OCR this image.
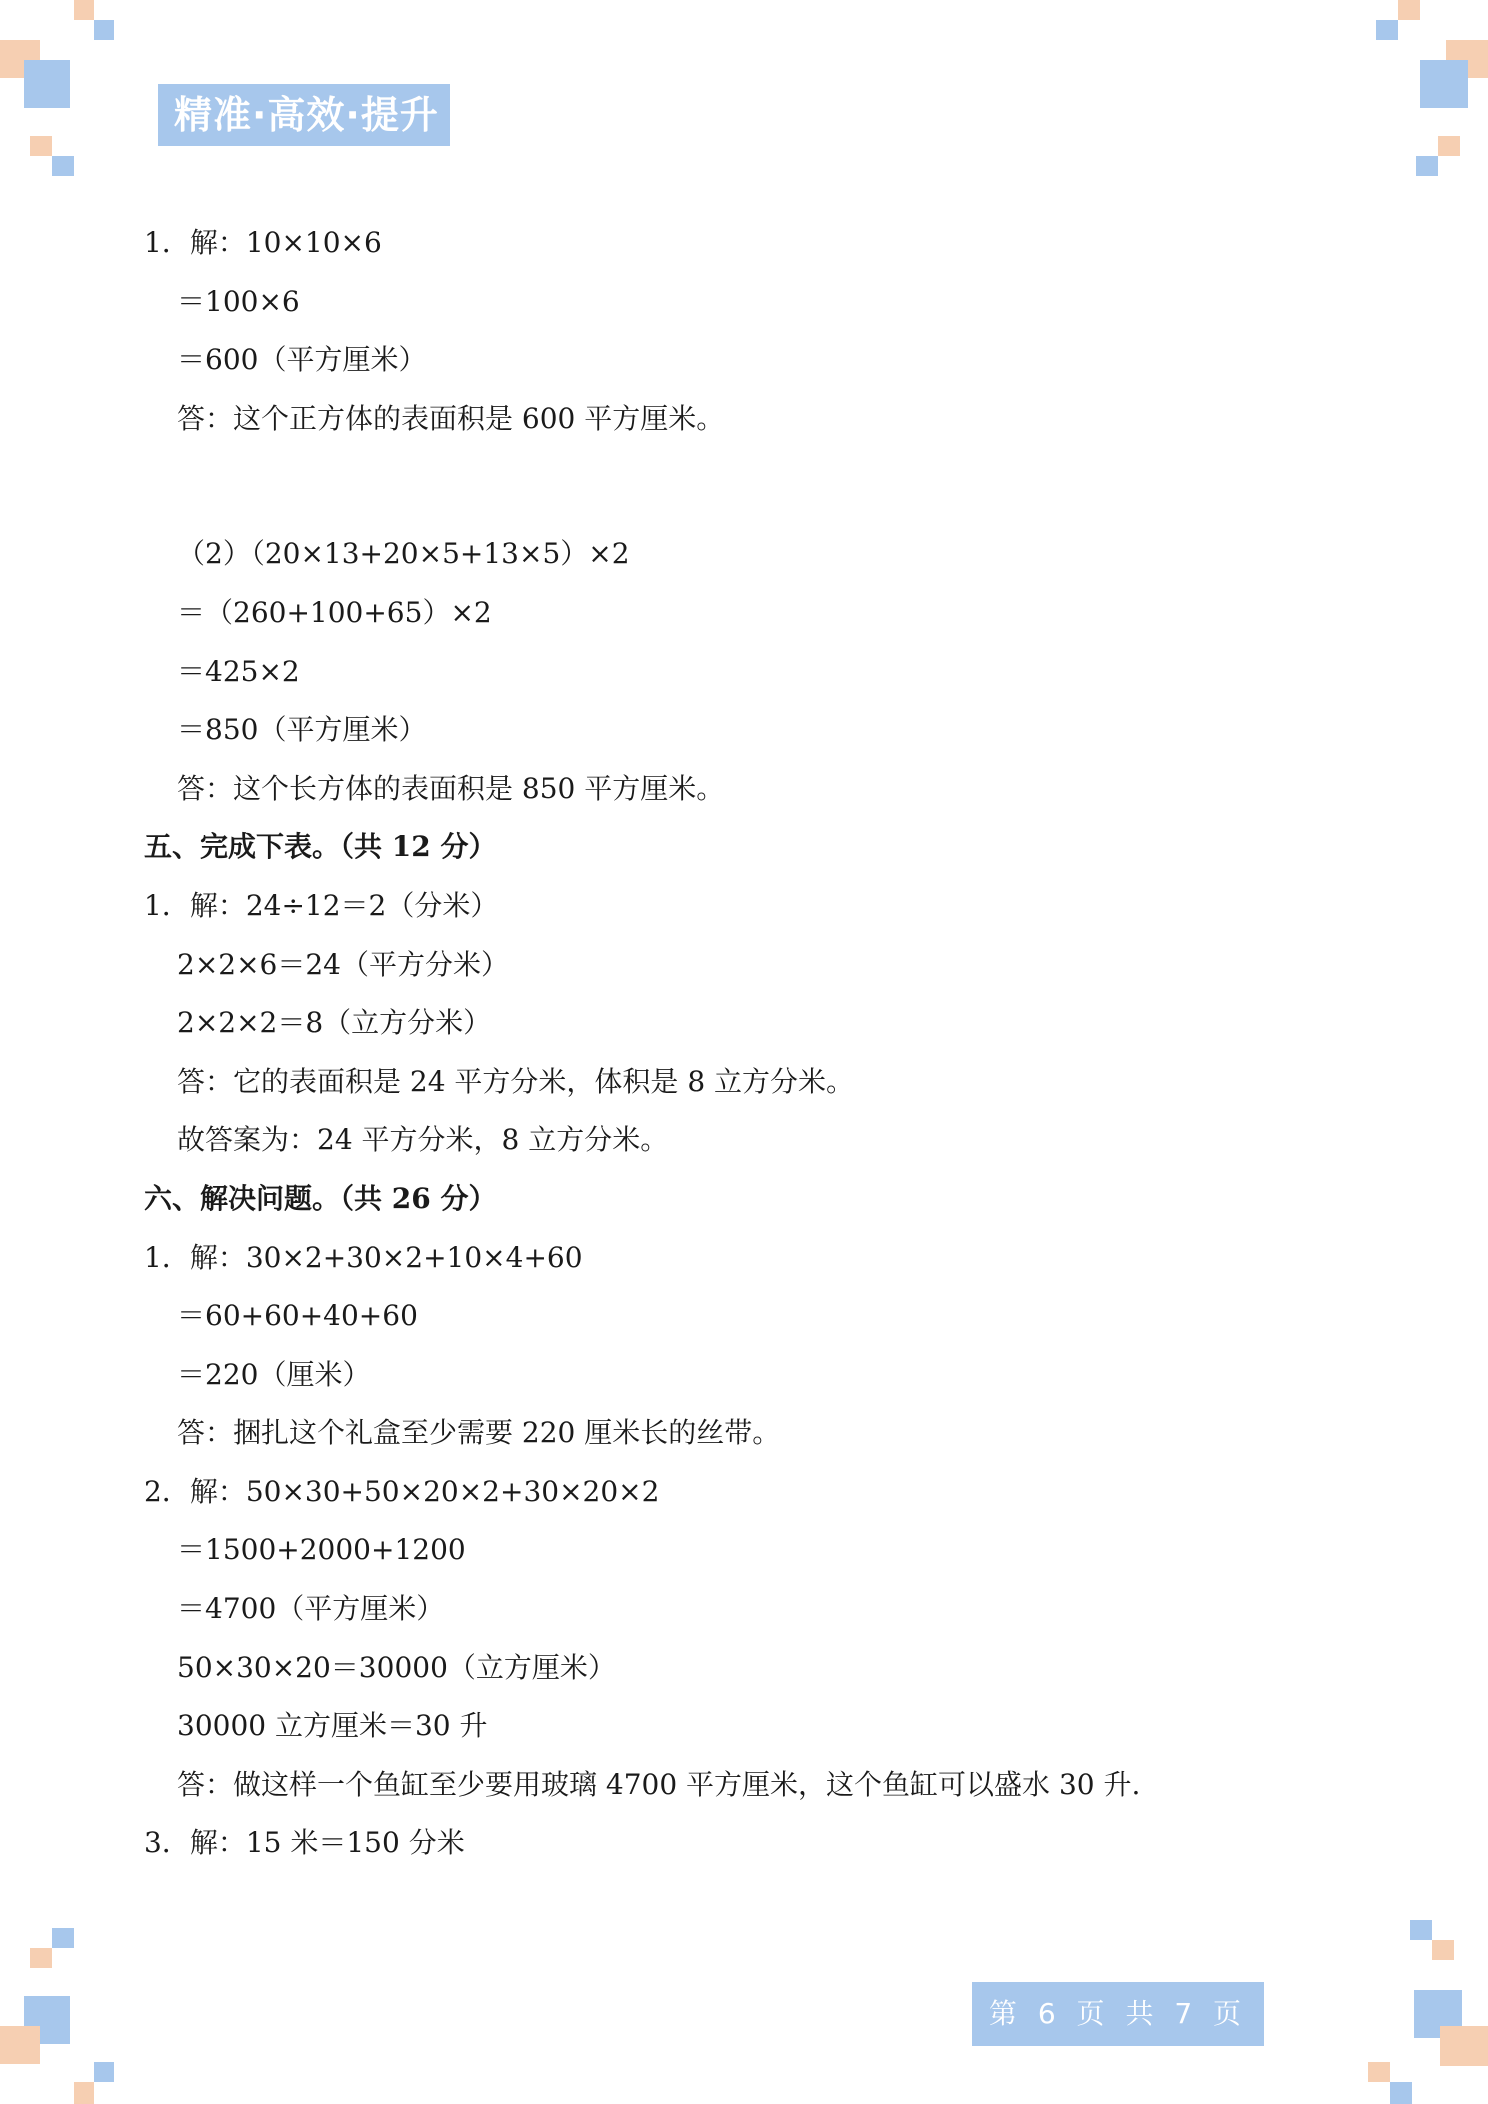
精准·高效·提升
1．解：10×10×6
＝100×6
＝600（平方厘米）
答：这个正方体的表面积是 600 平方厘米。
（2）（20×13+20×5+13×5）×2
＝（260+100+65）×2
＝425×2
＝850（平方厘米）
答：这个长方体的表面积是 850 平方厘米。
五、完成下表。（共 12 分）
1．解：24÷12＝2（分米）
2×2×6＝24（平方分米）
2×2×2＝8（立方分米）
答：它的表面积是 24 平方分米，体积是 8 立方分米。
故答案为：24 平方分米，8 立方分米。
六、解决问题。（共 26 分）
1．解：30×2+30×2+10×4+60
＝60+60+40+60
＝220（厘米）
答：捆扎这个礼盒至少需要 220 厘米长的丝带。
2．解：50×30+50×20×2+30×20×2
＝1500+2000+1200
＝4700（平方厘米）
50×30×20＝30000（立方厘米）
30000 立方厘米＝30 升
答：做这样一个鱼缸至少要用玻璃 4700 平方厘米，这个鱼缸可以盛水 30 升.
3．解：15 米＝150 分米
第 6 页 共 7 页
